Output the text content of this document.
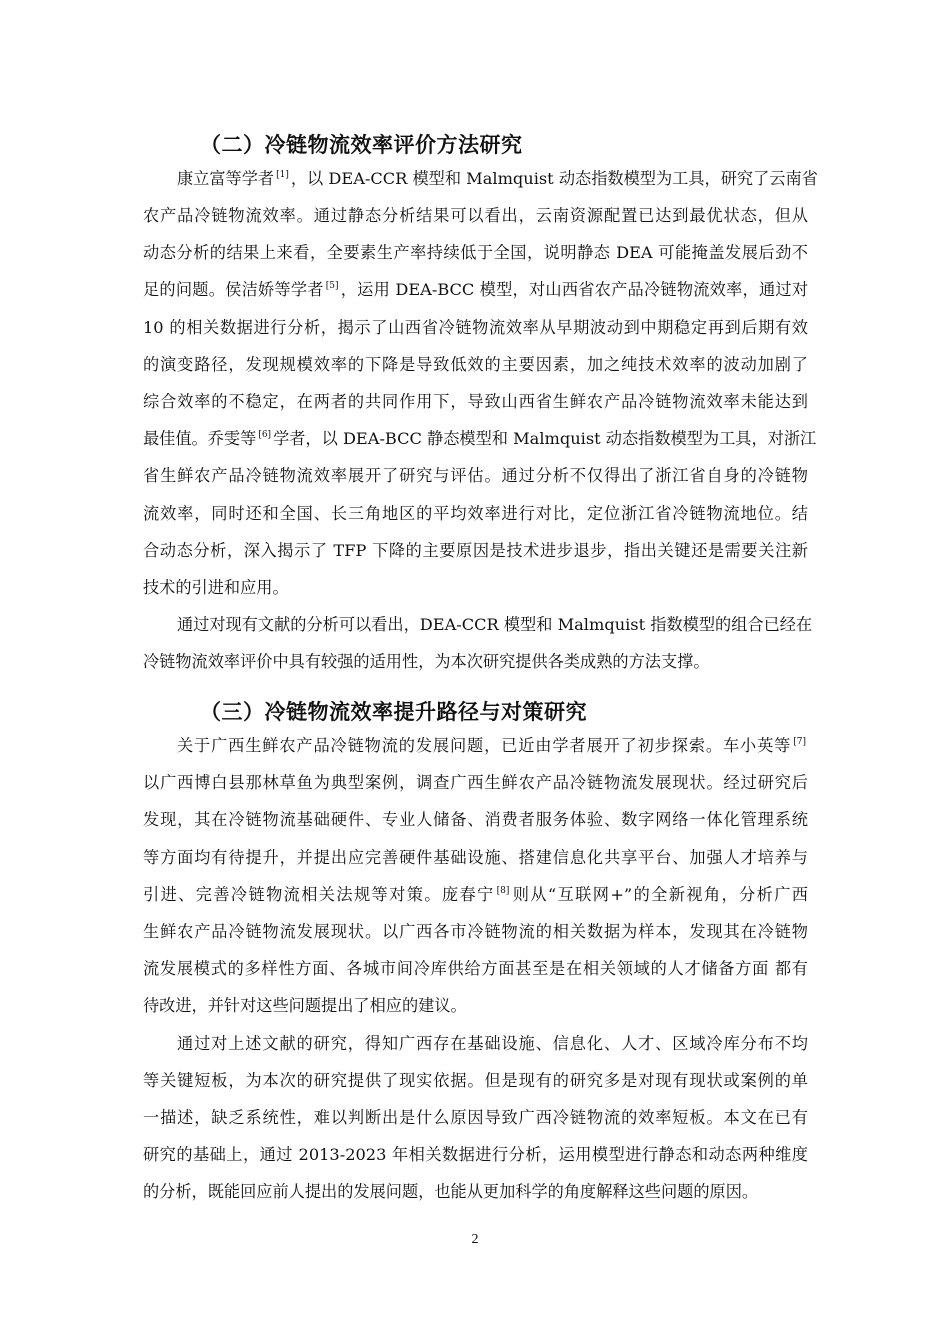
（二）冷链物流效率评价方法研究
康立富等学者 [1] ，以 DEA-CCR 模型和 Malmquist 动态指数模型为工具，研究了云南省
农产品冷链物流效率。通过静态分析结果可以看出，云南资源配置已达到最优状态，但从
动态分析的结果上来看，全要素生产率持续低于全国，说明静态 DEA 可能掩盖发展后劲不
足的问题。侯洁娇等学者 [5] ，运用 DEA-BCC 模型，对山西省农产品冷链物流效率，通过对
10 的相关数据进行分析，揭示了山西省冷链物流效率从早期波动到中期稳定再到后期有效
的演变路径，发现规模效率的下降是导致低效的主要因素，加之纯技术效率的波动加剧了
综合效率的不稳定，在两者的共同作用下，导致山西省生鲜农产品冷链物流效率未能达到
最佳值。乔雯等 [6] 学者，以 DEA-BCC 静态模型和 Malmquist 动态指数模型为工具，对浙江
省生鲜农产品冷链物流效率展开了研究与评估。通过分析不仅得出了浙江省自身的冷链物
流效率，同时还和全国、长三角地区的平均效率进行对比，定位浙江省冷链物流地位。结
合动态分析，深入揭示了 TFP 下降的主要原因是技术进步退步，指出关键还是需要关注新
技术的引进和应用。
通过对现有文献的分析可以看出，DEA-CCR 模型和 Malmquist 指数模型的组合已经在
冷链物流效率评价中具有较强的适用性，为本次研究提供各类成熟的方法支撑。
（三）冷链物流效率提升路径与对策研究
关于广西生鲜农产品冷链物流的发展问题，已近由学者展开了初步探索。车小英等 [7]
以广西博白县那林草鱼为典型案例，调查广西生鲜农产品冷链物流发展现状。经过研究后
发现，其在冷链物流基础硬件、专业人储备、消费者服务体验、数字网络一体化管理系统
等方面均有待提升，并提出应完善硬件基础设施、搭建信息化共享平台、加强人才培养与
引进、完善冷链物流相关法规等对策。庞春宁 [8] 则从“互联网+”的全新视角，分析广西
生鲜农产品冷链物流发展现状。以广西各市冷链物流的相关数据为样本，发现其在冷链物
流发展模式的多样性方面、各城市间冷库供给方面甚至是在相关领域的人才储备方面 都有
待改进，并针对这些问题提出了相应的建议。
通过对上述文献的研究，得知广西存在基础设施、信息化、人才、区域冷库分布不均
等关键短板，为本次的研究提供了现实依据。但是现有的研究多是对现有现状或案例的单
一描述，缺乏系统性，难以判断出是什么原因导致广西冷链物流的效率短板。本文在已有
研究的基础上，通过 2013-2023 年相关数据进行分析，运用模型进行静态和动态两种维度
的分析，既能回应前人提出的发展问题，也能从更加科学的角度解释这些问题的原因。
2
